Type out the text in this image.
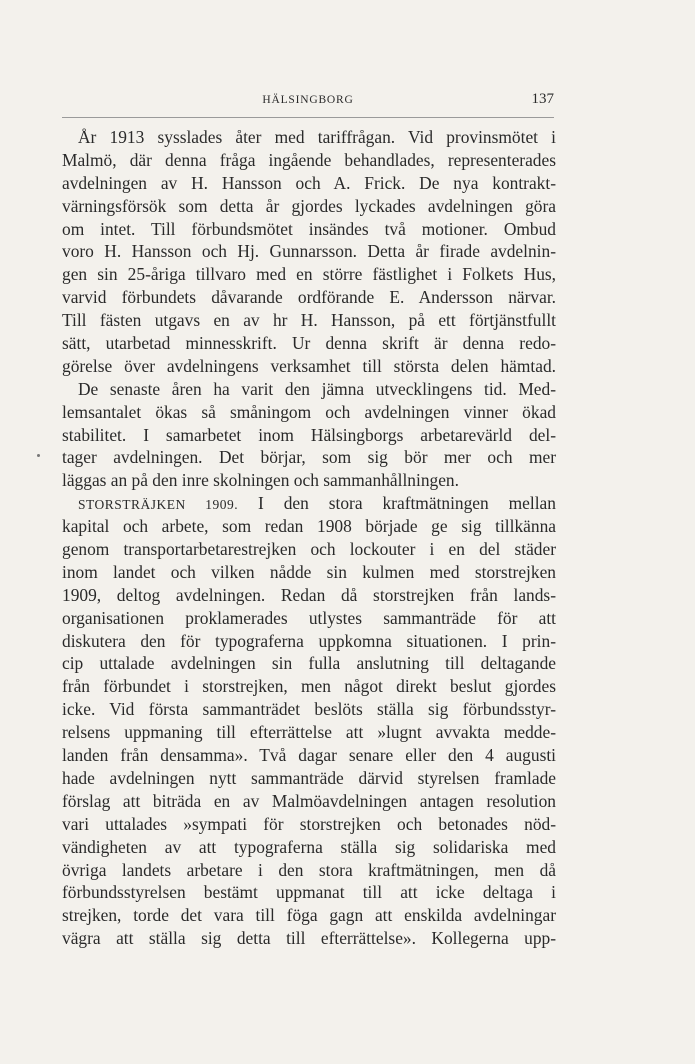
HÄLSINGBORG	137
År 1913 sysslades åter med tariffrågan. Vid provinsmötet i
Malmö, där denna fråga ingående behandlades, representerades
avdelningen av H. Hansson och A. Frick. De nya kontrakt-
värningsförsök som detta år gjordes lyckades avdelningen göra
om intet. Till förbundsmötet insändes två motioner. Ombud
voro H. Hansson och Hj. Gunnarsson. Detta år firade avdelnin-
gen sin 25-åriga tillvaro med en större fästlighet i Folkets Hus,
varvid förbundets dåvarande ordförande E. Andersson närvar.
Till fästen utgavs en av hr H. Hansson, på ett förtjänstfullt
sätt, utarbetad minnesskrift. Ur denna skrift är denna redo-
görelse över avdelningens verksamhet till största delen hämtad.
De senaste åren ha varit den jämna utvecklingens tid. Med-
lemsantalet ökas så småningom och avdelningen vinner ökad
stabilitet. I samarbetet inom Hälsingborgs arbetarevärld del-
tager avdelningen. Det börjar, som sig bör mer och mer
läggas an på den inre skolningen och sammanhållningen.
STORSTRÄJKEN 1909. I den stora kraftmätningen mellan
kapital och arbete, som redan 1908 började ge sig tillkänna
genom transportarbetarestrejken och lockouter i en del städer
inom landet och vilken nådde sin kulmen med storstrejken
1909, deltog avdelningen. Redan då storstrejken från lands-
organisationen proklamerades utlystes sammanträde för att
diskutera den för typograferna uppkomna situationen. I prin-
cip uttalade avdelningen sin fulla anslutning till deltagande
från förbundet i storstrejken, men något direkt beslut gjordes
icke. Vid första sammanträdet beslöts ställa sig förbundsstyr-
relsens uppmaning till efterrättelse att »lugnt avvakta medde-
landen från densamma». Två dagar senare eller den 4 augusti
hade avdelningen nytt sammanträde därvid styrelsen framlade
förslag att biträda en av Malmöavdelningen antagen resolution
vari uttalades »sympati för storstrejken och betonades nöd-
vändigheten av att typograferna ställa sig solidariska med
övriga landets arbetare i den stora kraftmätningen, men då
förbundsstyrelsen bestämt uppmanat till att icke deltaga i
strejken, torde det vara till föga gagn att enskilda avdelningar
vägra att ställa sig detta till efterrättelse». Kollegerna upp-
